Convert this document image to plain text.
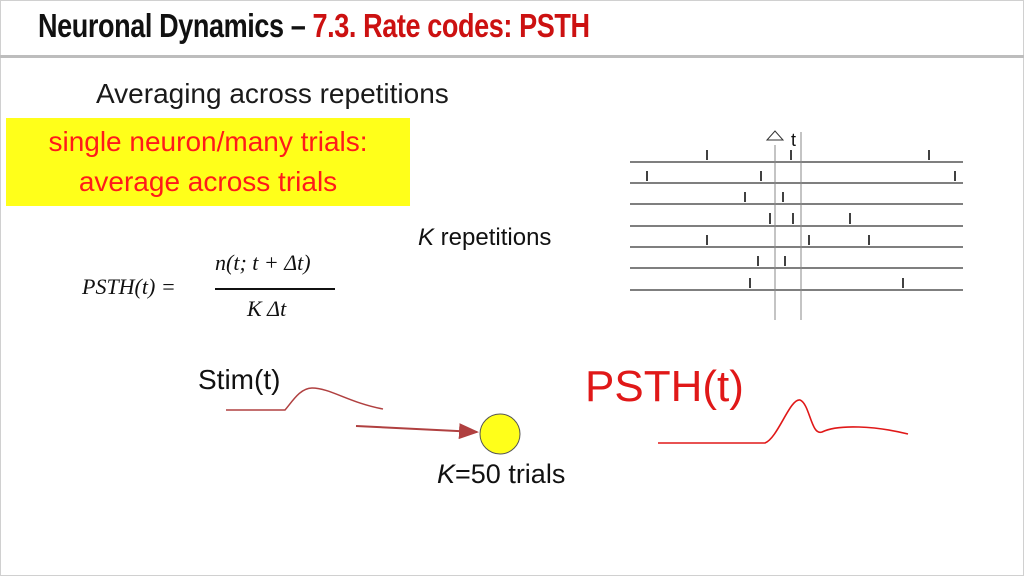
Neuronal Dynamics – 7.3. Rate codes: PSTH
Averaging across repetitions
single neuron/many trials:
average across trials
PSTH(t) =
n(t; t + Δt)
K Δt
K repetitions
Stim(t)	PSTH(t)
K=50 trials
t
